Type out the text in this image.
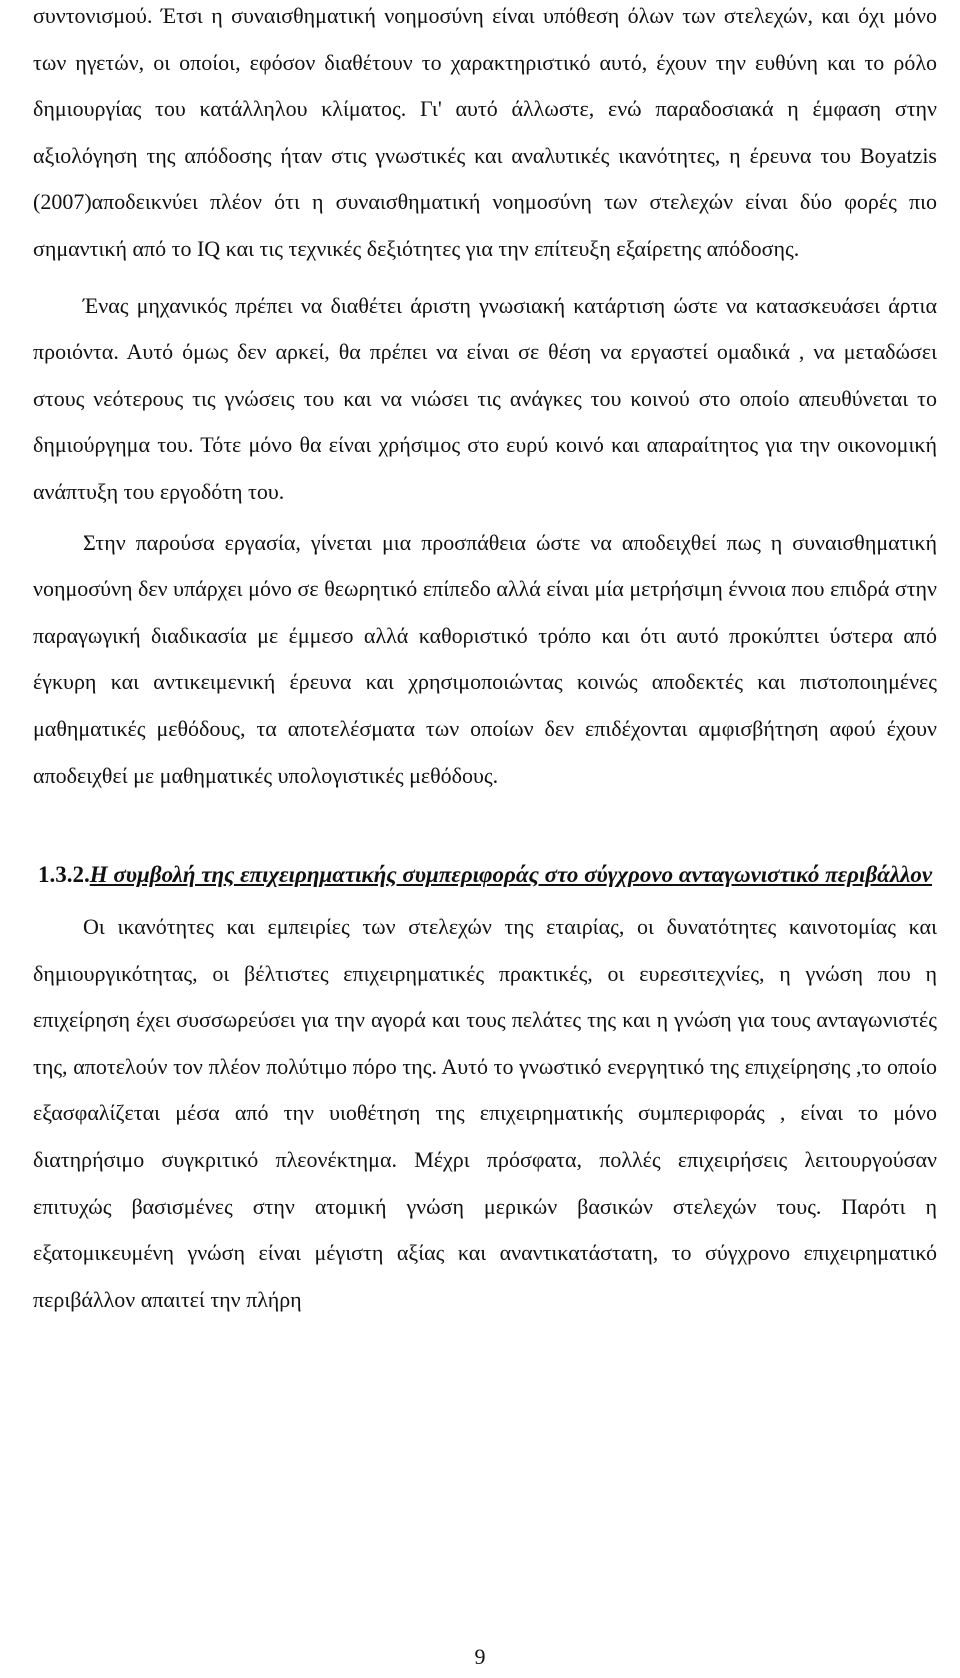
συντονισμού. Έτσι η συναισθηματική νοημοσύνη είναι υπόθεση όλων των στελεχών, και όχι μόνο των ηγετών, οι οποίοι, εφόσον διαθέτουν το χαρακτηριστικό αυτό, έχουν την ευθύνη και το ρόλο δημιουργίας του κατάλληλου κλίματος. Γι' αυτό άλλωστε, ενώ παραδοσιακά η έμφαση στην αξιολόγηση της απόδοσης ήταν στις γνωστικές και αναλυτικές ικανότητες, η έρευνα του Boyatzis (2007)αποδεικνύει πλέον ότι η συναισθηματική νοημοσύνη των στελεχών είναι δύο φορές πιο σημαντική από το IQ και τις τεχνικές δεξιότητες για την επίτευξη εξαίρετης απόδοσης.

Ένας μηχανικός πρέπει να διαθέτει άριστη γνωσιακή κατάρτιση ώστε να κατασκευάσει άρτια προιόντα. Αυτό όμως δεν αρκεί, θα πρέπει να είναι σε θέση να εργαστεί ομαδικά , να μεταδώσει στους νεότερους τις γνώσεις του και να νιώσει τις ανάγκες του κοινού στο οποίο απευθύνεται το δημιούργημα του. Τότε μόνο θα είναι χρήσιμος στο ευρύ κοινό και απαραίτητος για την οικονομική ανάπτυξη του εργοδότη του.

Στην παρούσα εργασία, γίνεται μια προσπάθεια ώστε να αποδειχθεί πως η συναισθηματική νοημοσύνη δεν υπάρχει μόνο σε θεωρητικό επίπεδο αλλά είναι μία μετρήσιμη έννοια που επιδρά στην παραγωγική διαδικασία με έμμεσο αλλά καθοριστικό τρόπο και ότι αυτό προκύπτει ύστερα από έγκυρη και αντικειμενική έρευνα και χρησιμοποιώντας κοινώς αποδεκτές και πιστοποιημένες μαθηματικές μεθόδους, τα αποτελέσματα των οποίων δεν επιδέχονται αμφισβήτηση αφού έχουν αποδειχθεί με μαθηματικές υπολογιστικές μεθόδους.

1.3.2.Η συμβολή της επιχειρηματικής συμπεριφοράς στο σύγχρονο ανταγωνιστικό περιβάλλον

Οι ικανότητες και εμπειρίες των στελεχών της εταιρίας, οι δυνατότητες καινοτομίας και δημιουργικότητας, οι βέλτιστες επιχειρηματικές πρακτικές, οι ευρεσιτεχνίες, η γνώση που η επιχείρηση έχει συσσωρεύσει για την αγορά και τους πελάτες της και η γνώση για τους ανταγωνιστές της, αποτελούν τον πλέον πολύτιμο πόρο της. Αυτό το γνωστικό ενεργητικό της επιχείρησης ,το οποίο εξασφαλίζεται μέσα από την υιοθέτηση της επιχειρηματικής συμπεριφοράς , είναι το μόνο διατηρήσιμο συγκριτικό πλεονέκτημα. Μέχρι πρόσφατα, πολλές επιχειρήσεις λειτουργούσαν επιτυχώς βασισμένες στην ατομική γνώση μερικών βασικών στελεχών τους. Παρότι η εξατομικευμένη γνώση είναι μέγιστη αξίας και αναντικατάστατη, το σύγχρονο επιχειρηματικό περιβάλλον απαιτεί την πλήρη

9
